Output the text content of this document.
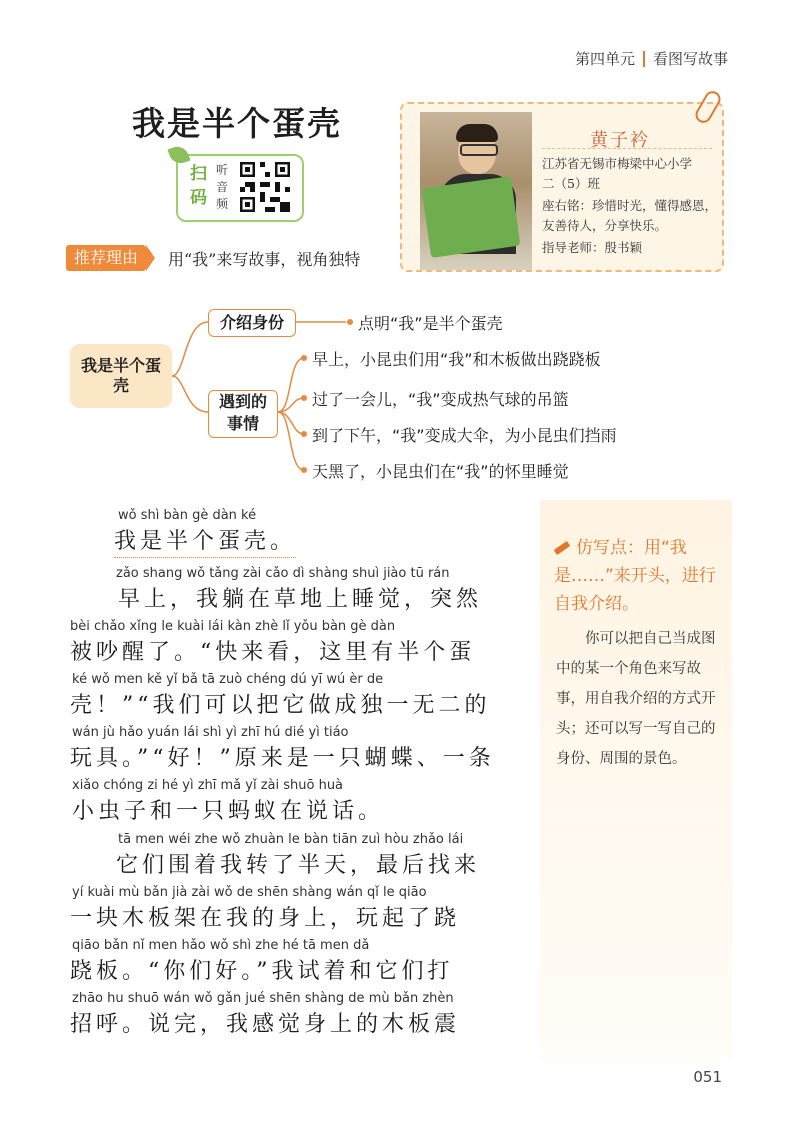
第四单元 看图写故事
我是半个蛋壳
扫码
听音频
推荐理由	用“我”来写故事，视角独特
黄子衿
江苏省无锡市梅梁中心小学
二（5）班
座右铭：珍惜时光，懂得感恩，友善待人，分享快乐。
指导老师：殷书颖
我是半个蛋壳
介绍身份
遇到的事情
点明“我”是半个蛋壳
早上，小昆虫们用“我”和木板做出跷跷板
过了一会儿，“我”变成热气球的吊篮
到了下午，“我”变成大伞，为小昆虫们挡雨
天黑了，小昆虫们在“我”的怀里睡觉
wǒ shì bàn gè dàn ké
我是半个蛋壳。
zǎo shang wǒ tǎng zài cǎo dì shàng shuì jiào tū rán
早上，我躺在草地上睡觉，突然
bèi chǎo xǐng le kuài lái kàn zhè lǐ yǒu bàn gè dàn
被吵醒了。“快来看，这里有半个蛋
ké wǒ men kě yǐ bǎ tā zuò chéng dú yī wú èr de
壳！”“我们可以把它做成独一无二的
wán jù hǎo yuán lái shì yì zhī hú dié yì tiáo
玩具。”“好！”原来是一只蝴蝶、一条
xiǎo chóng zi hé yì zhī mǎ yǐ zài shuō huà
小虫子和一只蚂蚁在说话。
tā men wéi zhe wǒ zhuàn le bàn tiān zuì hòu zhǎo lái
它们围着我转了半天，最后找来
yí kuài mù bǎn jià zài wǒ de shēn shàng wán qǐ le qiāo
一块木板架在我的身上，玩起了跷
qiāo bǎn nǐ men hǎo wǒ shì zhe hé tā men dǎ
跷板。“你们好。”我试着和它们打
zhāo hu shuō wán wǒ gǎn jué shēn shàng de mù bǎn zhèn
招呼。说完，我感觉身上的木板震
仿写点：用“我是……”来开头，进行自我介绍。
你可以把自己当成图中的某一个角色来写故事，用自我介绍的方式开头；还可以写一写自己的身份、周围的景色。
051
